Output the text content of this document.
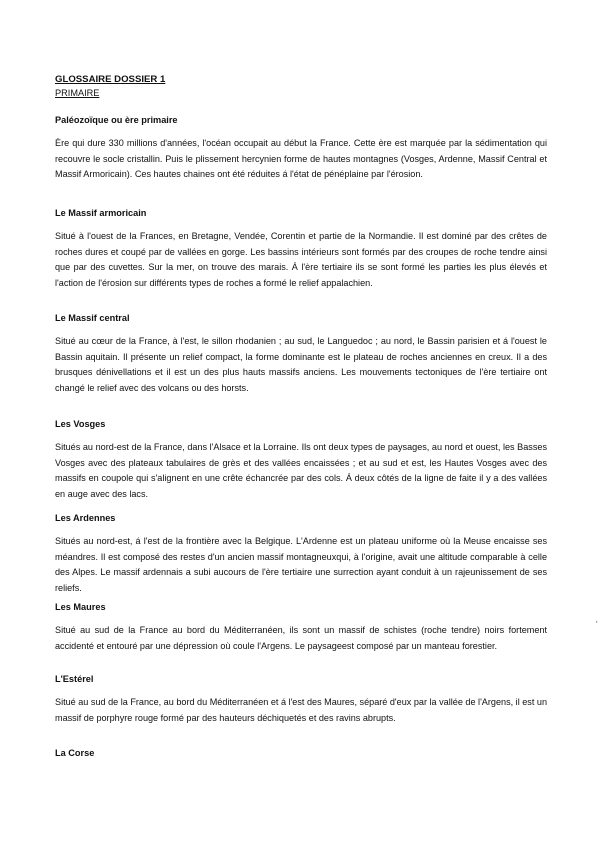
GLOSSAIRE DOSSIER 1
PRIMAIRE
Paléozoïque ou ère primaire

Ère qui dure 330 millions d'années, l'océan occupait au début la France. Cette ère est marquée par la sédimentation qui recouvre le socle cristallin. Puis le plissement hercynien forme de hautes montagnes (Vosges, Ardenne, Massif Central et Massif Armoricain). Ces hautes chaines ont été réduites á l'état de pénéplaine par l'érosion.

Le Massif armoricain

Situé à l'ouest de la Frances, en Bretagne, Vendée, Corentin et partie de la Normandie. Il est dominé par des crêtes de roches dures et coupé par de vallées en gorge. Les bassins intérieurs sont formés par des croupes de roche tendre ainsi que par des cuvettes. Sur la mer, on trouve des marais. Á l'ère tertiaire ils se sont formé les parties les plus élevés et l'action de l'érosion sur différents types de roches a formé le relief appalachien.

Le Massif central

Situé au cœur de la France, à l'est, le sillon rhodanien ; au sud, le Languedoc ; au nord, le Bassin parisien et á l'ouest le Bassin aquitain. Il présente un relief compact, la forme dominante est le plateau de roches anciennes en creux. Il a des brusques dénivellations et il est un des plus hauts massifs anciens. Les mouvements tectoniques de l'ère tertiaire ont changé le relief avec des volcans ou des horsts.

Les Vosges

Situés au nord-est de la France, dans l'Alsace et la Lorraine. Ils ont deux types de paysages, au nord et ouest, les Basses Vosges avec des plateaux tabulaires de grès et des vallées encaissées ; et au sud et est, les Hautes Vosges avec des massifs en coupole qui s'alignent en une crête échancrée par des cols. Á deux côtés de la ligne de faite il y a des vallées en auge avec des lacs.

Les Ardennes

Situés au nord-est, á l'est de la frontière avec la Belgique. L'Ardenne est un plateau uniforme où la Meuse encaisse ses méandres. Il est composé des restes d'un ancien massif montagneuxqui, à l'origine, avait une altitude comparable à celle des Alpes. Le massif ardennais a subi aucours de l'ère tertiaire une surrection ayant conduit à un rajeunissement de ses reliefs.

Les Maures

Situé au sud de la France au bord du Méditerranéen, ils sont un massif de schistes (roche tendre) noirs fortement accidenté et entouré par une dépression où coule l'Argens. Le paysageest composé par un manteau forestier.

L'Estérel

Situé au sud de la France, au bord du Méditerranéen et á l'est des Maures, séparé d'eux par la vallée de l'Argens, il est un massif de porphyre rouge formé par des hauteurs déchiquetés et des ravins abrupts.

La Corse

'
